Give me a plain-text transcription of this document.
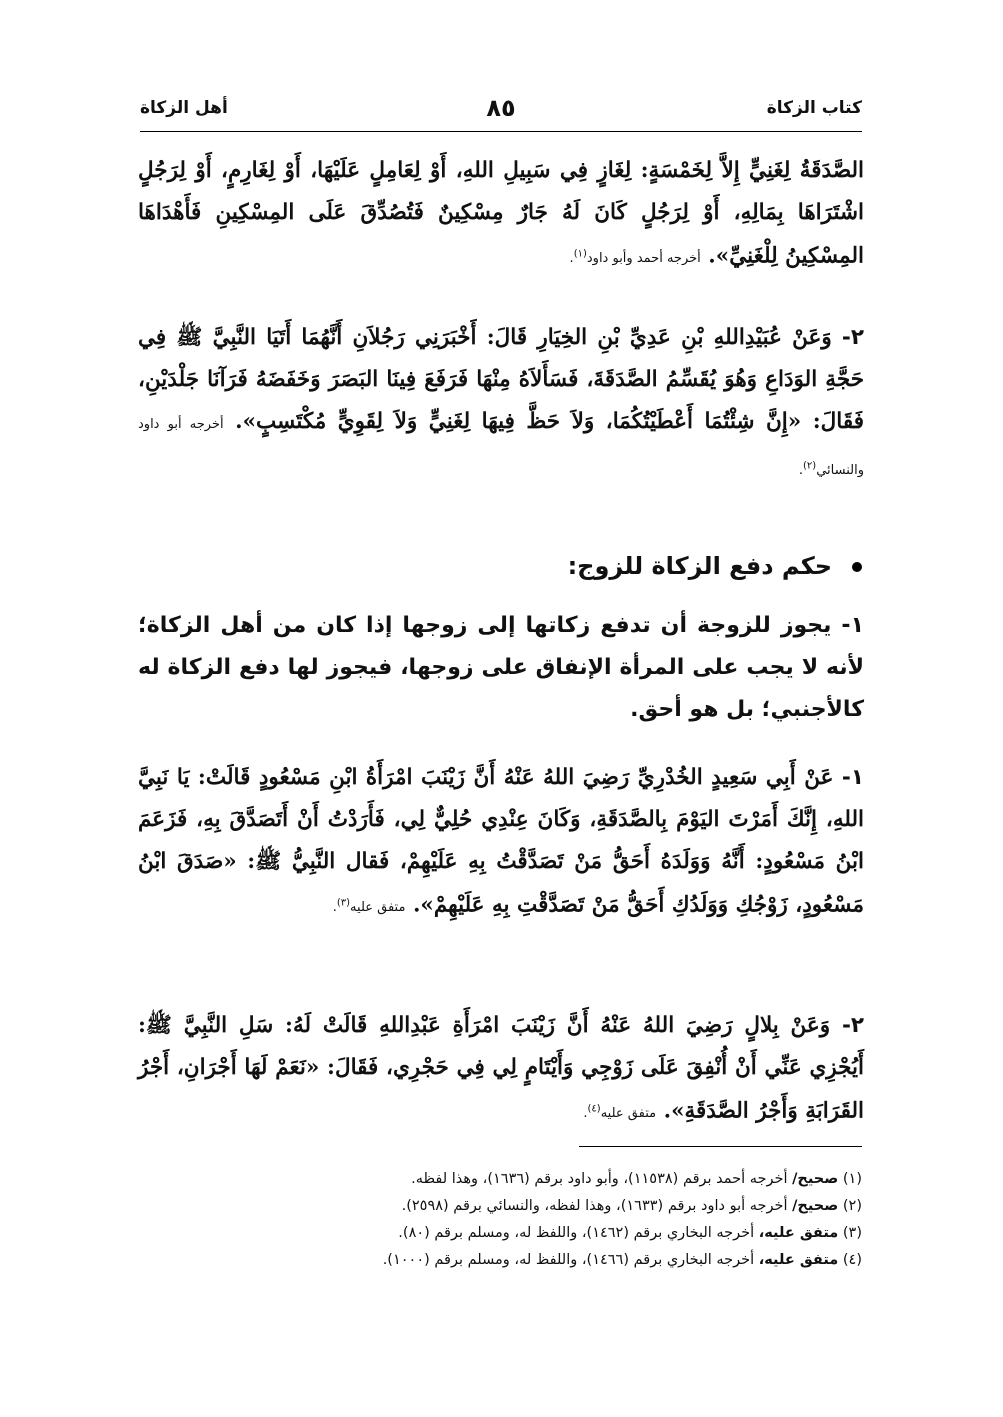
كتاب الزكاة
٨٥
أهل الزكاة

الصَّدَقَةُ لِغَنِيٍّ إِلاَّ لِخَمْسَةٍ: لِغَازٍ فِي سَبِيلِ اللهِ، أَوْ لِعَامِلٍ عَلَيْهَا، أَوْ لِغَارِمٍ، أَوْ لِرَجُلٍ اشْتَرَاهَا بِمَالِهِ، أَوْ لِرَجُلٍ كَانَ لَهُ جَارٌ مِسْكِينٌ فَتُصُدِّقَ عَلَى المِسْكِينِ فَأَهْدَاهَا المِسْكِينُ لِلْغَنِيِّ». أخرجه أحمد وأبو داود$^{(١)}$.

٢- وَعَنْ عُبَيْدِاللهِ بْنِ عَدِيِّ بْنِ الخِيَارِ قَالَ: أَخْبَرَنِي رَجُلاَنِ أَنَّهُمَا أَتَيَا النَّبِيَّ ﷺ فِي حَجَّةِ الوَدَاعِ وَهُوَ يُقَسِّمُ الصَّدَقَةَ، فَسَأَلاَهُ مِنْهَا فَرَفَعَ فِينَا البَصَرَ وَخَفَضَهُ فَرَآنَا جَلْدَيْنِ، فَقَالَ: «إِنَّ شِئْتُمَا أَعْطَيْتُكُمَا، وَلاَ حَظَّ فِيهَا لِغَنِيٍّ وَلاَ لِقَوِيٍّ مُكْتَسِبٍ». أخرجه أبو داود والنسائي$^{(٢)}$.

حكم دفع الزكاة للزوج:

١- يجوز للزوجة أن تدفع زكاتها إلى زوجها إذا كان من أهل الزكاة؛ لأنه لا يجب على المرأة الإنفاق على زوجها، فيجوز لها دفع الزكاة له كالأجنبي؛ بل هو أحق.

١- عَنْ أَبِي سَعِيدٍ الخُدْرِيِّ رَضِيَ اللهُ عَنْهُ أَنَّ زَيْنَبَ امْرَأَةُ ابْنِ مَسْعُودٍ قَالَتْ: يَا نَبِيَّ اللهِ، إِنَّكَ أَمَرْتَ اليَوْمَ بِالصَّدَقَةِ، وَكَانَ عِنْدِي حُلِيٌّ لِي، فَأَرَدْتُ أَنْ أَتَصَدَّقَ بِهِ، فَزَعَمَ ابْنُ مَسْعُودٍ: أَنَّهُ وَوَلَدَهُ أَحَقُّ مَنْ تَصَدَّقْتُ بِهِ عَلَيْهِمْ، فَقال النَّبِيُّ ﷺ: «صَدَقَ ابْنُ مَسْعُودٍ، زَوْجُكِ وَوَلَدُكِ أَحَقُّ مَنْ تَصَدَّقْتِ بِهِ عَلَيْهِمْ». متفق عليه$^{(٣)}$.

٢- وَعَنْ بِلالٍ رَضِيَ اللهُ عَنْهُ أَنَّ زَيْنَبَ امْرَأَةِ عَبْدِاللهِ قَالَتْ لَهُ: سَلِ النَّبِيَّ ﷺ: أَيُجْزِي عَنِّي أَنْ أُنْفِقَ عَلَى زَوْجِي وَأَيْتَامٍ لِي فِي حَجْرِي، فَقَالَ: «نَعَمْ لَهَا أَجْرَانِ، أَجْرُ القَرَابَةِ وَأَجْرُ الصَّدَقَةِ». متفق عليه$^{(٤)}$.

(١) صحيح/ أخرجه أحمد برقم (١١٥٣٨)، وأبو داود برقم (١٦٣٦)، وهذا لفظه.
(٢) صحيح/ أخرجه أبو داود برقم (١٦٣٣)، وهذا لفظه، والنسائي برقم (٢٥٩٨).
(٣) متفق عليه، أخرجه البخاري برقم (١٤٦٢)، واللفظ له، ومسلم برقم (٨٠).
(٤) متفق عليه، أخرجه البخاري برقم (١٤٦٦)، واللفظ له، ومسلم برقم (١٠٠٠).
